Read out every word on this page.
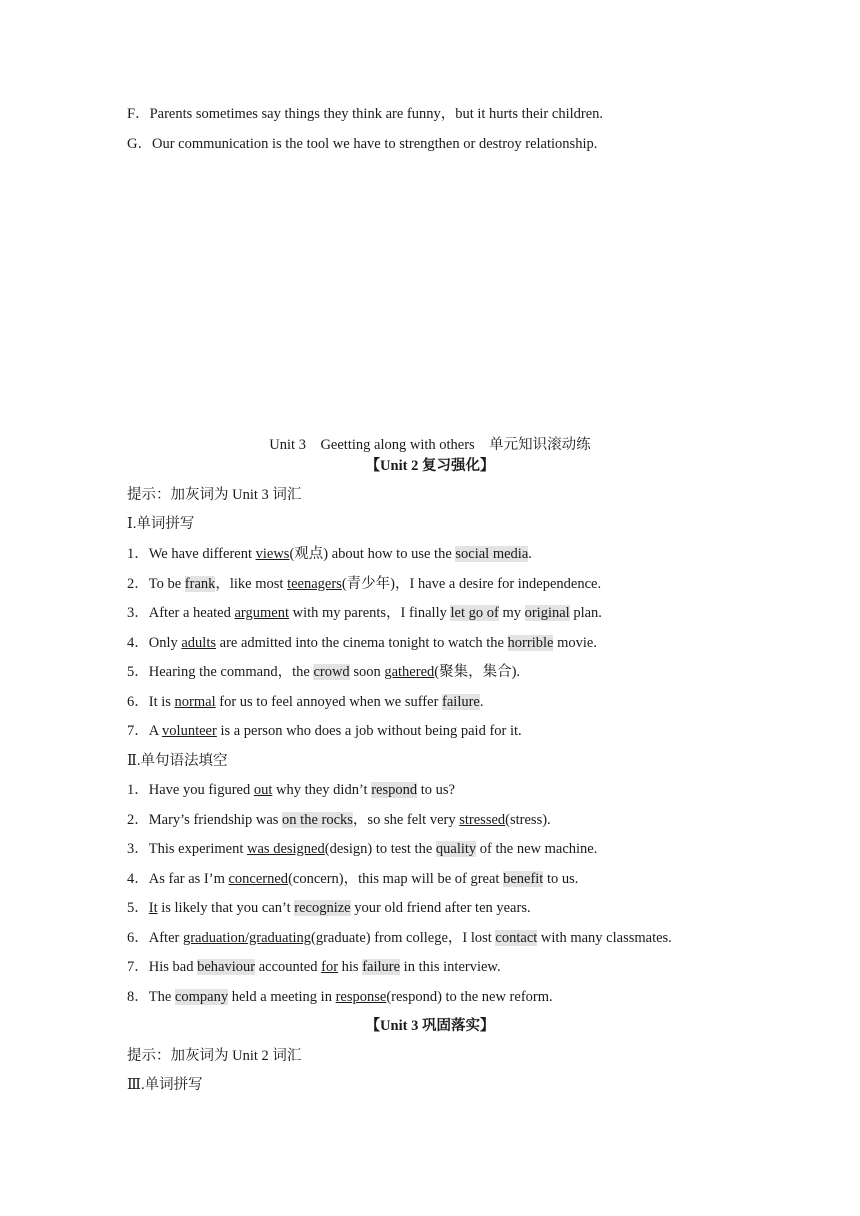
F．Parents sometimes say things they think are funny，but it hurts their children.
G．Our communication is the tool we have to strengthen or destroy relationship.
Unit 3　Geetting along with others　单元知识滚动练
【Unit 2 复习强化】
提示：加灰词为 Unit 3 词汇
Ⅰ.单词拼写
1．We have different views(观点) about how to use the social media.
2．To be frank，like most teenagers(青少年)，I have a desire for independence.
3．After a heated argument with my parents，I finally let go of my original plan.
4．Only adults are admitted into the cinema tonight to watch the horrible movie.
5．Hearing the command，the crowd soon gathered(聚集，集合).
6．It is normal for us to feel annoyed when we suffer failure.
7．A volunteer is a person who does a job without being paid for it.
Ⅱ.单句语法填空
1．Have you figured out why they didn’t respond to us?
2．Mary’s friendship was on the rocks，so she felt very stressed(stress).
3．This experiment was designed(design) to test the quality of the new machine.
4．As far as I’m concerned(concern)，this map will be of great benefit to us.
5．It is likely that you can’t recognize your old friend after ten years.
6．After graduation/graduating(graduate) from college，I lost contact with many classmates.
7．His bad behaviour accounted for his failure in this interview.
8．The company held a meeting in response(respond) to the new reform.
【Unit 3 巩固落实】
提示：加灰词为 Unit 2 词汇
Ⅲ.单词拼写
